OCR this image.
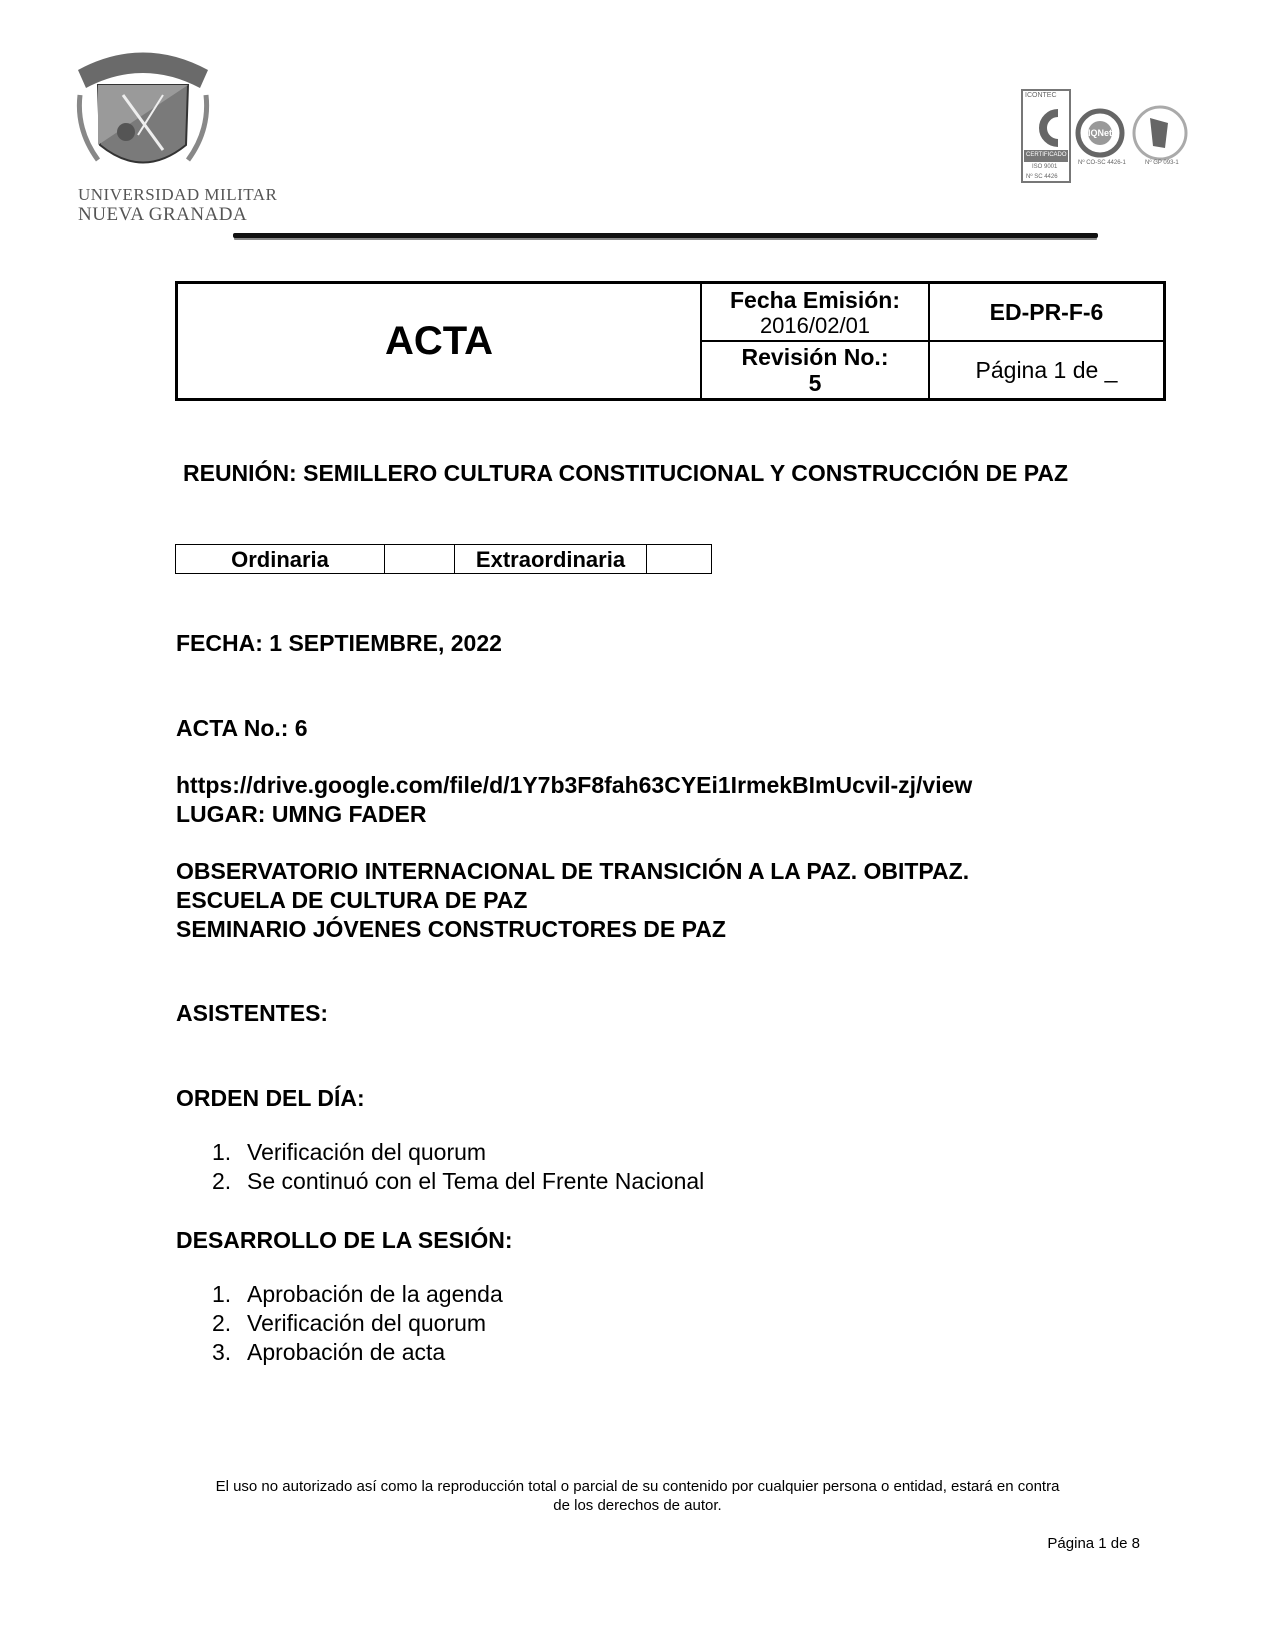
UNIVERSIDAD MILITAR
NUEVA GRANADA
ICONTEC
IQNet
CERTIFICADO
ISO 9001
Nº SC 4426
Nº CO-SC 4426-1	Nº GP 093-1
ACTA
Fecha Emisión:
2016/02/01
Revisión No.:
5
ED-PR-F-6
Página 1 de _
REUNIÓN: SEMILLERO CULTURA CONSTITUCIONAL Y CONSTRUCCIÓN DE PAZ
Ordinaria	Extraordinaria
FECHA: 1 SEPTIEMBRE, 2022
ACTA No.: 6
https://drive.google.com/file/d/1Y7b3F8fah63CYEi1IrmekBImUcvil-zj/view
LUGAR: UMNG FADER
OBSERVATORIO INTERNACIONAL DE TRANSICIÓN A LA PAZ. OBITPAZ.
ESCUELA DE CULTURA DE PAZ
SEMINARIO JÓVENES CONSTRUCTORES DE PAZ
ASISTENTES:
ORDEN DEL DÍA:
1. Verificación del quorum
2. Se continuó con el Tema del Frente Nacional
DESARROLLO DE LA SESIÓN:
1. Aprobación de la agenda
2. Verificación del quorum
3. Aprobación de acta
El uso no autorizado así como la reproducción total o parcial de su contenido por cualquier persona o entidad, estará en contra
de los derechos de autor.
Página 1 de 8
